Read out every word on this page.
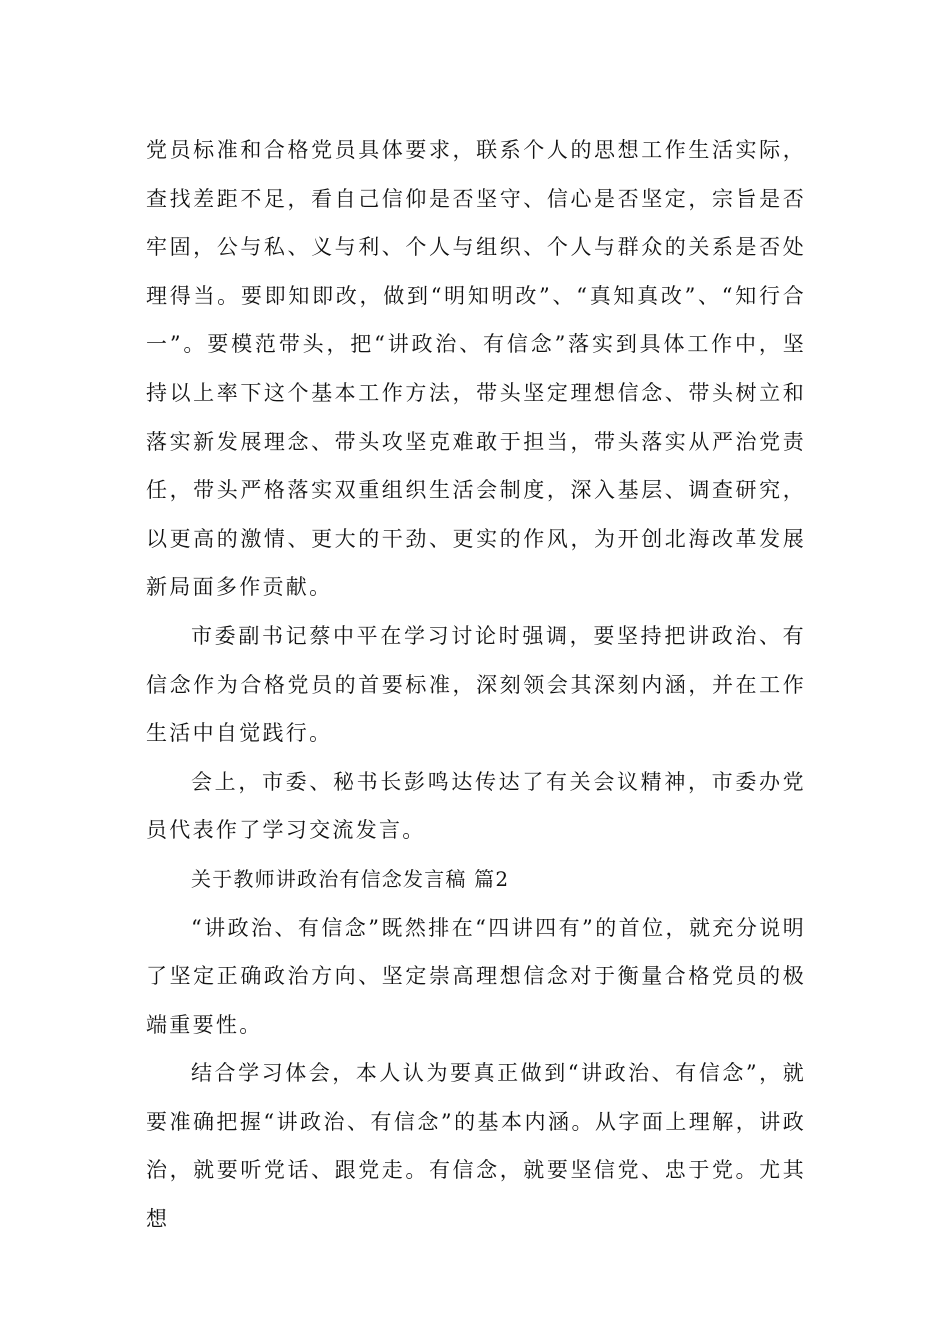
党员标准和合格党员具体要求，联系个人的思想工作生活实际，查找差距不足，看自己信仰是否坚守、信心是否坚定，宗旨是否牢固，公与私、义与利、个人与组织、个人与群众的关系是否处理得当。要即知即改，做到“明知明改”、“真知真改”、“知行合一”。要模范带头，把“讲政治、有信念”落实到具体工作中，坚持以上率下这个基本工作方法，带头坚定理想信念、带头树立和落实新发展理念、带头攻坚克难敢于担当，带头落实从严治党责任，带头严格落实双重组织生活会制度，深入基层、调查研究，以更高的激情、更大的干劲、更实的作风，为开创北海改革发展新局面多作贡献。

市委副书记蔡中平在学习讨论时强调，要坚持把讲政治、有信念作为合格党员的首要标准，深刻领会其深刻内涵，并在工作生活中自觉践行。

会上，市委、秘书长彭鸣达传达了有关会议精神，市委办党员代表作了学习交流发言。

关于教师讲政治有信念发言稿 篇2

“讲政治、有信念”既然排在“四讲四有”的首位，就充分说明了坚定正确政治方向、坚定崇高理想信念对于衡量合格党员的极端重要性。

结合学习体会，本人认为要真正做到“讲政治、有信念”，就要准确把握“讲政治、有信念”的基本内涵。从字面上理解，讲政治，就要听党话、跟党走。有信念，就要坚信党、忠于党。尤其想
